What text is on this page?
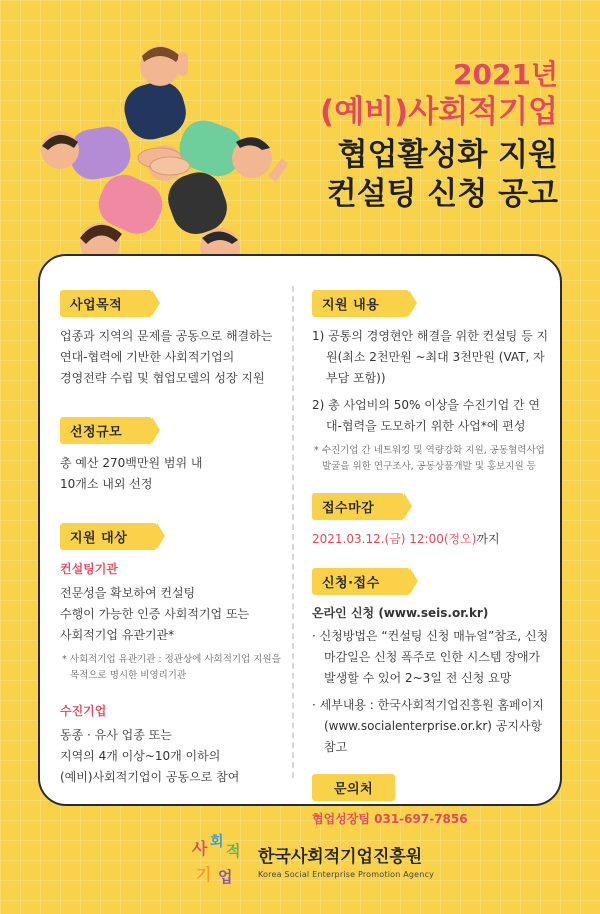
2021년
(예비)사회적기업
협업활성화 지원
컨설팅 신청 공고
사업목적
업종과 지역의 문제를 공동으로 해결하는
연대-협력에 기반한 사회적기업의
경영전략 수립 및 협업모델의 성장 지원
선정규모
총 예산 270백만원 범위 내
10개소 내외 선정
지원 대상
컨설팅기관
전문성을 확보하여 컨설팅
수행이 가능한 인증 사회적기업 또는
사회적기업 유관기관*
* 사회적기업 유관기관 : 정관상에 사회적기업 지원을 목적으로 명시한 비영리기관
수진기업
동종 · 유사 업종 또는
지역의 4개 이상~10개 이하의
(예비)사회적기업이 공동으로 참여
지원 내용
1) 공통의 경영현안 해결을 위한 컨설팅 등 지원(최소 2천만원 ~최대 3천만원 (VAT, 자부담 포함))
2) 총 사업비의 50% 이상을 수진기업 간 연대-협력을 도모하기 위한 사업*에 편성
* 수진기업 간 네트워킹 및 역량강화 지원, 공동협력사업 발굴을 위한 연구조사, 공동상품개발 및 홍보지원 등
접수마감
2021.03.12.(금) 12:00(정오)까지
신청·접수
온라인 신청 (www.seis.or.kr)
· 신청방법은 “컨설팅 신청 매뉴얼”참조, 신청 마감일은 신청 폭주로 인한 시스템 장애가 발생할 수 있어 2~3일 전 신청 요망
· 세부내용 : 한국사회적기업진흥원 홈페이지 (www.socialenterprise.or.kr) 공지사항 참고
문의처
협업성장팀 031-697-7856
사 회 적
기 업
한국사회적기업진흥원
Korea Social Enterprise Promotion Agency
